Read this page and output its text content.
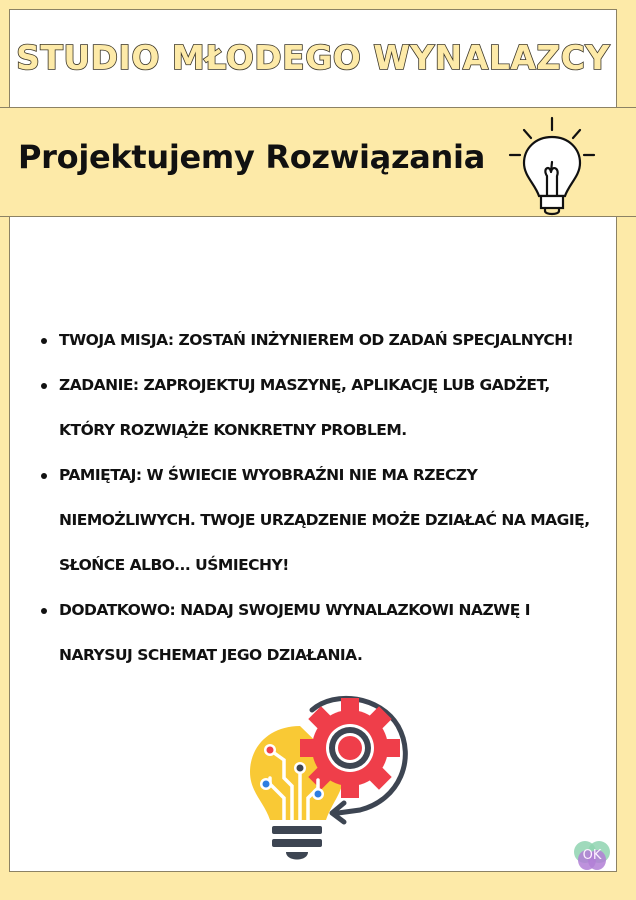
STUDIO MŁODEGO WYNALAZCY
Projektujemy Rozwiązania
TWOJA MISJA: ZOSTAŃ INŻYNIEREM OD ZADAŃ SPECJALNYCH!
ZADANIE: ZAPROJEKTUJ MASZYNĘ, APLIKACJĘ LUB GADŻET, KTÓRY ROZWIĄŻE KONKRETNY PROBLEM.
PAMIĘTAJ: W ŚWIECIE WYOBRAŹNI NIE MA RZECZY NIEMOŻLIWYCH. TWOJE URZĄDZENIE MOŻE DZIAŁAĆ NA MAGIĘ, SŁOŃCE ALBO... UŚMIECHY!
DODATKOWO: NADAJ SWOJEMU WYNALAZKOWI NAZWĘ I NARYSUJ SCHEMAT JEGO DZIAŁANIA.
OK
